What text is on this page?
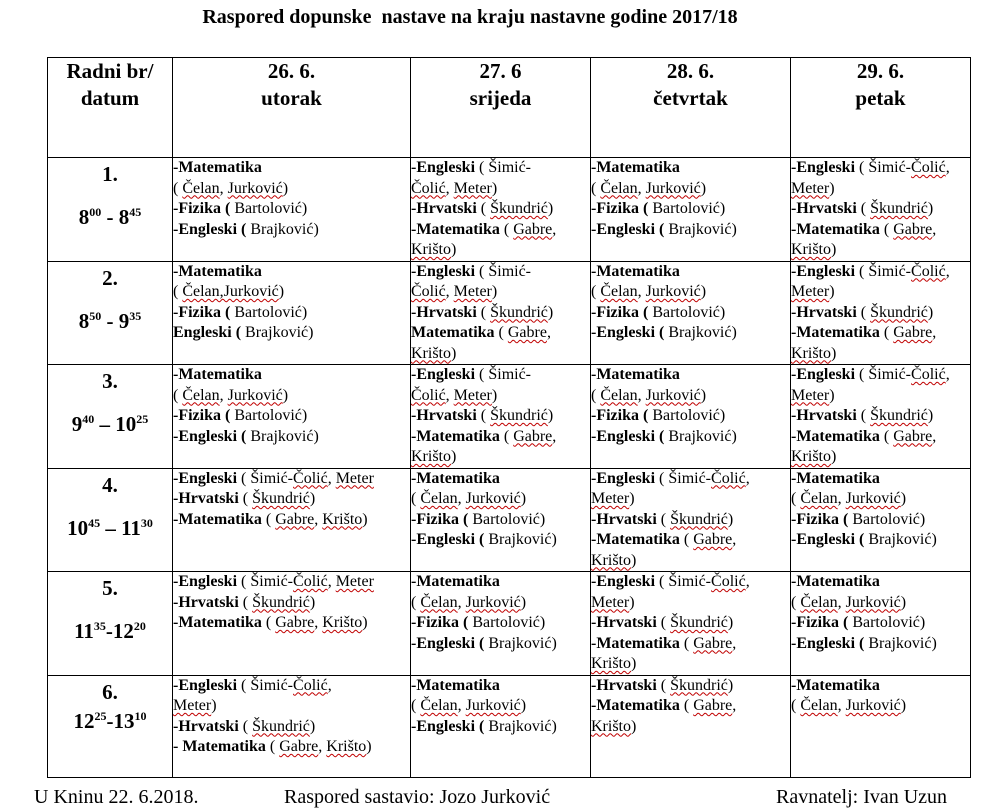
Raspored dopunske  nastave na kraju nastavne godine 2017/18
Radni br/
datum	26. 6.
utorak	27. 6
srijeda	28. 6.
četvrtak	29. 6.
petak

1.
$8^{00} - 8^{45}$	-Matematika
( Čelan, Jurković)
-Fizika ( Bartolović)
-Engleski ( Brajković)	-Engleski ( Šimić-
Čolić, Meter)
-Hrvatski ( Škundrić)
-Matematika ( Gabre,
Krišto)	-Matematika
( Čelan, Jurković)
-Fizika ( Bartolović)
-Engleski ( Brajković)	-Engleski ( Šimić-Čolić,
Meter)
-Hrvatski ( Škundrić)
-Matematika ( Gabre,
Krišto)

2.
$8^{50} - 9^{35}$	-Matematika
( Čelan,Jurković)
-Fizika ( Bartolović)
Engleski ( Brajković)	-Engleski ( Šimić-
Čolić, Meter)
-Hrvatski ( Škundrić)
Matematika ( Gabre,
Krišto)	-Matematika
( Čelan, Jurković)
-Fizika ( Bartolović)
-Engleski ( Brajković)	-Engleski ( Šimić-Čolić,
Meter)
-Hrvatski ( Škundrić)
-Matematika ( Gabre,
Krišto)

3.
$9^{40} - 10^{25}$	-Matematika
( Čelan, Jurković)
-Fizika ( Bartolović)
-Engleski ( Brajković)	-Engleski ( Šimić-
Čolić, Meter)
-Hrvatski ( Škundrić)
-Matematika ( Gabre,
Krišto)	-Matematika
( Čelan, Jurković)
-Fizika ( Bartolović)
-Engleski ( Brajković)	-Engleski ( Šimić-Čolić,
Meter)
-Hrvatski ( Škundrić)
-Matematika ( Gabre,
Krišto)

4.
$10^{45} - 11^{30}$	-Engleski ( Šimić-Čolić, Meter
-Hrvatski ( Škundrić)
-Matematika ( Gabre, Krišto)	-Matematika
( Čelan, Jurković)
-Fizika ( Bartolović)
-Engleski ( Brajković)	-Engleski ( Šimić-Čolić,
Meter)
-Hrvatski ( Škundrić)
-Matematika ( Gabre,
Krišto)	-Matematika
( Čelan, Jurković)
-Fizika ( Bartolović)
-Engleski ( Brajković)

5.
$11^{35}-12^{20}$	-Engleski ( Šimić-Čolić, Meter
-Hrvatski ( Škundrić)
-Matematika ( Gabre, Krišto)	-Matematika
( Čelan, Jurković)
-Fizika ( Bartolović)
-Engleski ( Brajković)	-Engleski ( Šimić-Čolić,
Meter)
-Hrvatski ( Škundrić)
-Matematika ( Gabre,
Krišto)	-Matematika
( Čelan, Jurković)
-Fizika ( Bartolović)
-Engleski ( Brajković)

6.
$12^{25}-13^{10}$	-Engleski ( Šimić-Čolić,
Meter)
-Hrvatski ( Škundrić)
- Matematika ( Gabre, Krišto)	-Matematika
( Čelan, Jurković)
-Engleski ( Brajković)	-Hrvatski ( Škundrić)
-Matematika ( Gabre,
Krišto)	-Matematika
( Čelan, Jurković)
U Kninu 22. 6.2018.	Raspored sastavio: Jozo Jurković	Ravnatelj: Ivan Uzun
